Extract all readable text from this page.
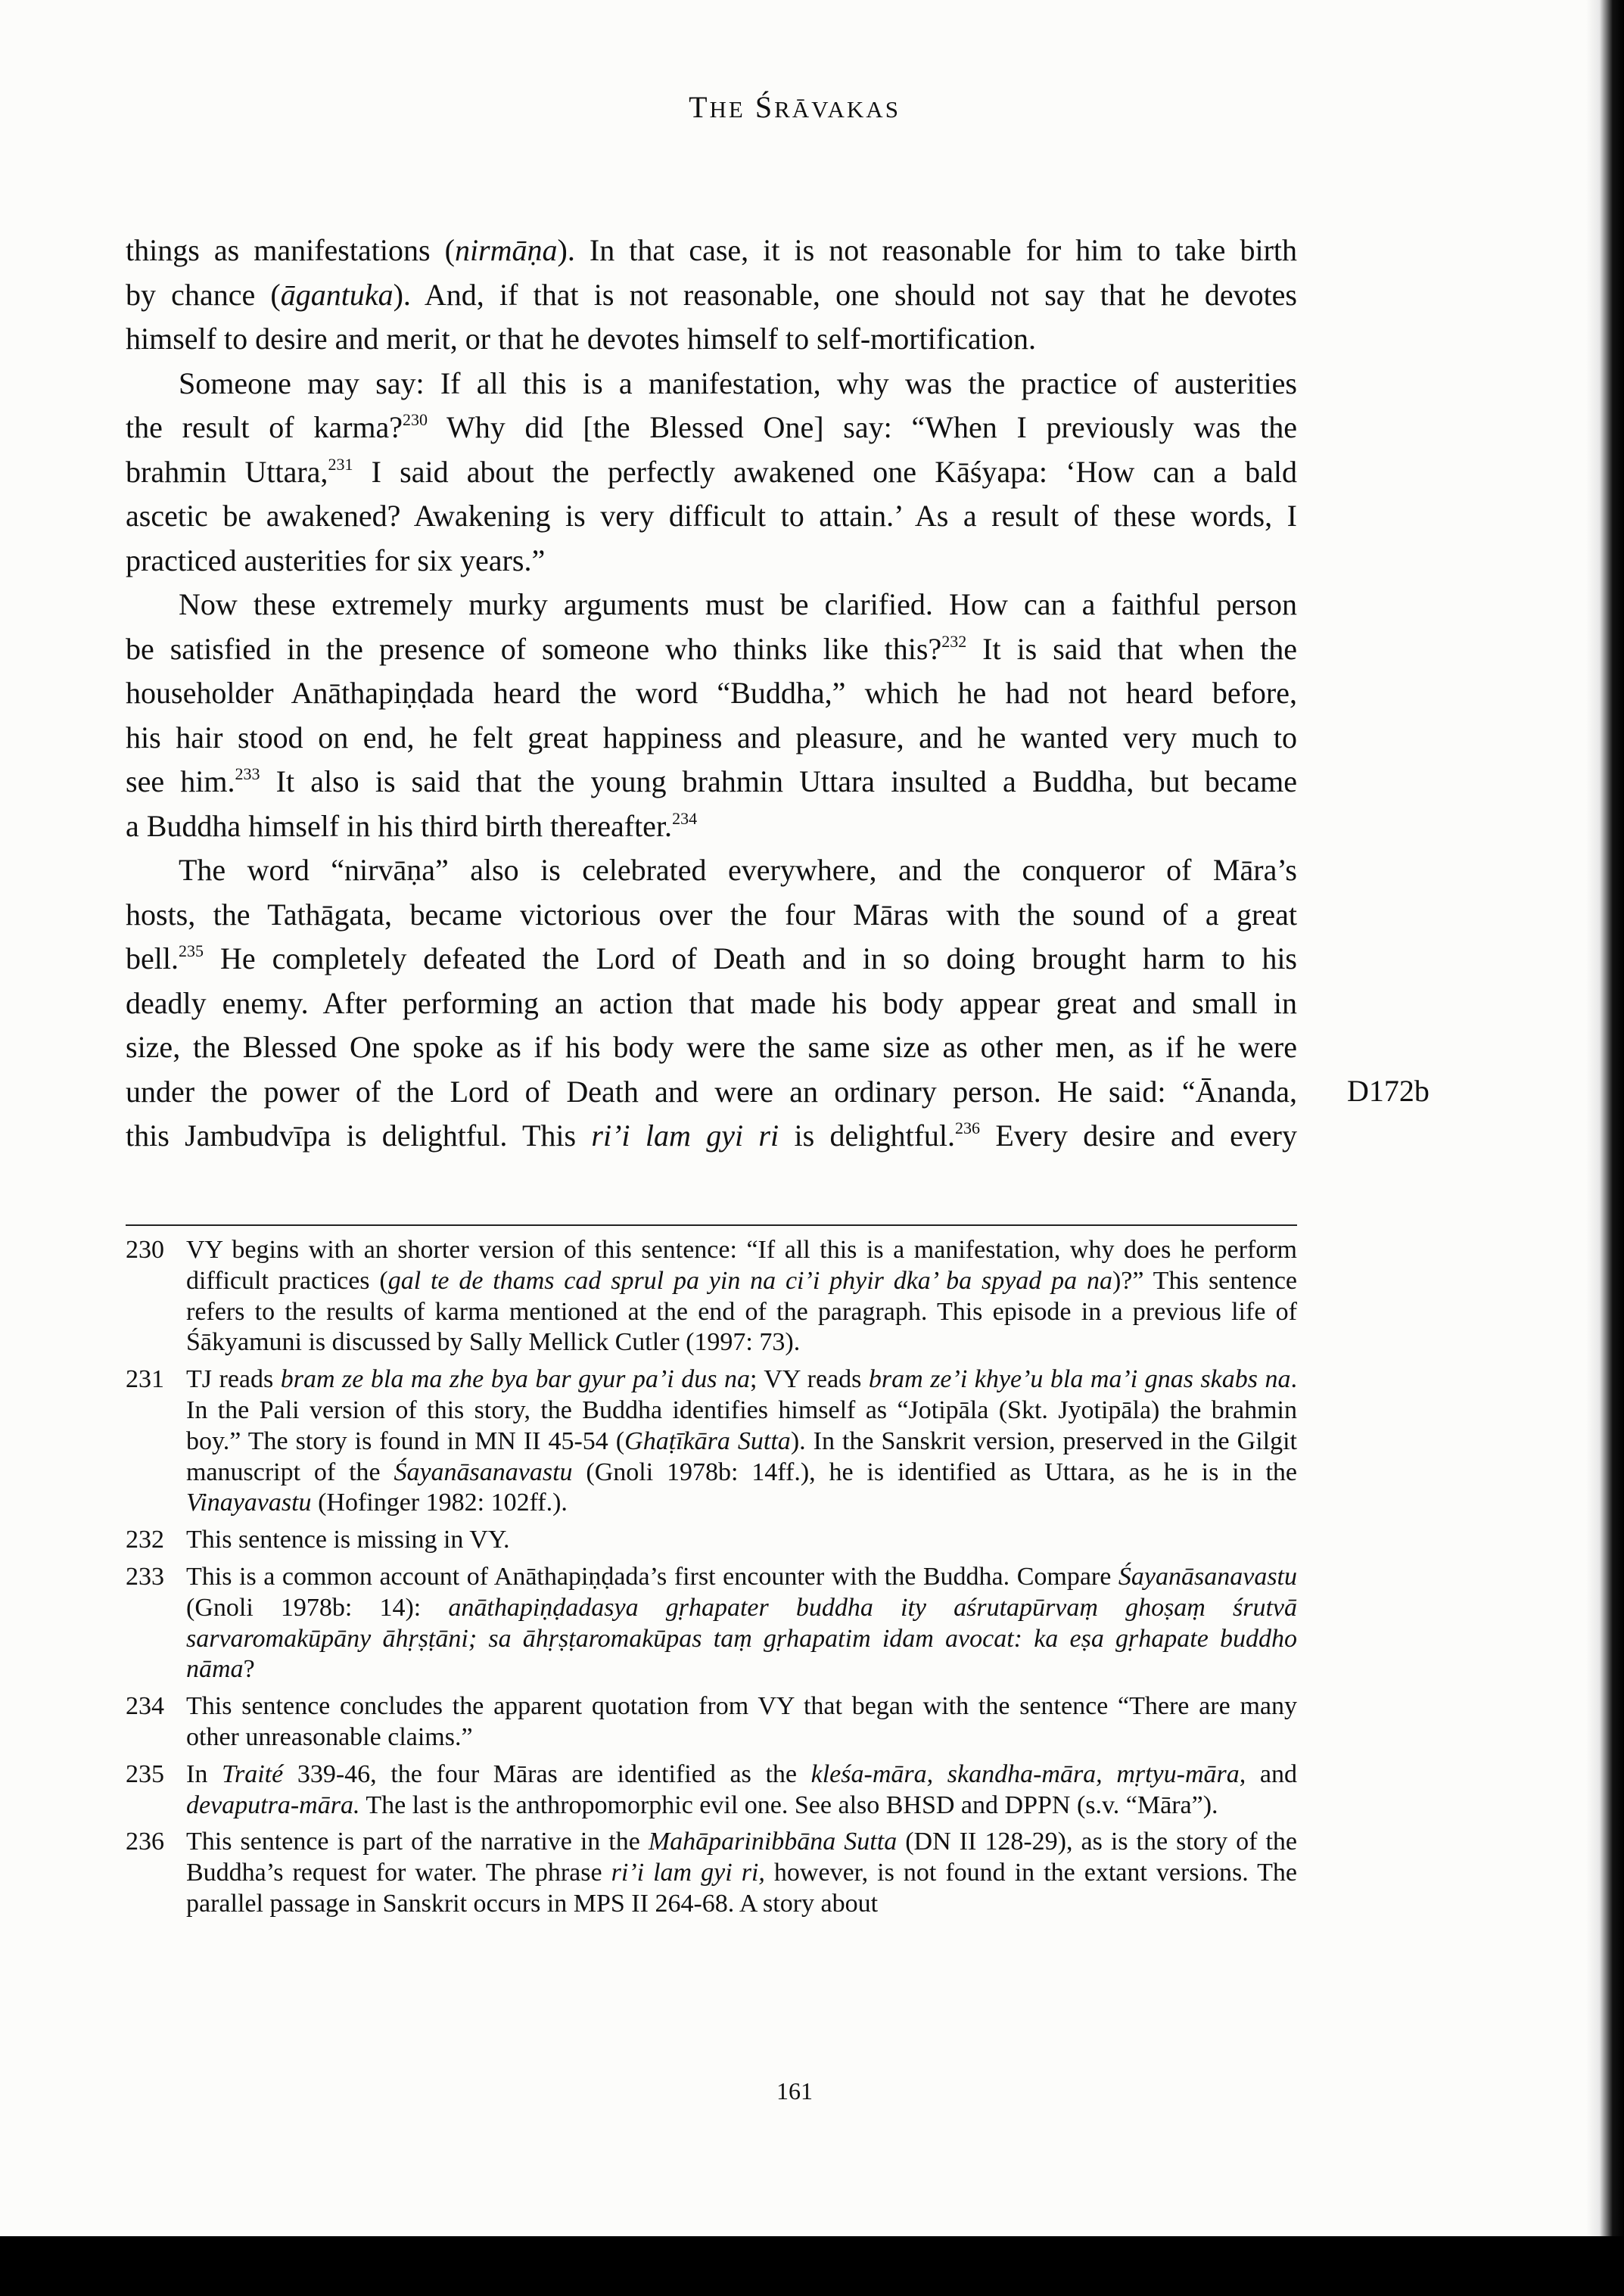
THE ŚRĀVAKAS

things as manifestations (nirmāṇa). In that case, it is not reasonable for him to take birth

by chance (āgantuka). And, if that is not reasonable, one should not say that he devotes

himself to desire and merit, or that he devotes himself to self-mortification.

Someone may say: If all this is a manifestation, why was the practice of austerities

the result of karma?$^{230}$ Why did [the Blessed One] say: “When I previously was the

brahmin Uttara,$^{231}$ I said about the perfectly awakened one Kāśyapa: ‘How can a bald

ascetic be awakened? Awakening is very difficult to attain.’ As a result of these words, I

practiced austerities for six years.”

Now these extremely murky arguments must be clarified. How can a faithful person

be satisfied in the presence of someone who thinks like this?$^{232}$ It is said that when the

householder Anāthapiṇḍada heard the word “Buddha,” which he had not heard before,

his hair stood on end, he felt great happiness and pleasure, and he wanted very much to

see him.$^{233}$ It also is said that the young brahmin Uttara insulted a Buddha, but became

a Buddha himself in his third birth thereafter.$^{234}$

The word “nirvāṇa” also is celebrated everywhere, and the conqueror of Māra’s

hosts, the Tathāgata, became victorious over the four Māras with the sound of a great

bell.$^{235}$ He completely defeated the Lord of Death and in so doing brought harm to his

deadly enemy. After performing an action that made his body appear great and small in

size, the Blessed One spoke as if his body were the same size as other men, as if he were

under the power of the Lord of Death and were an ordinary person. He said: “Ānanda,

this Jambudvīpa is delightful. This ri’i lam gyi ri is delightful.$^{236}$ Every desire and every

D172b
230 VY begins with an shorter version of this sentence: “If all this is a manifestation, why does he perform difficult practices (gal te de thams cad sprul pa yin na ci’i phyir dka’ ba spyad pa na)?” This sentence refers to the results of karma mentioned at the end of the paragraph. This episode in a previous life of Śākyamuni is discussed by Sally Mellick Cutler (1997: 73).
231 TJ reads bram ze bla ma zhe bya bar gyur pa’i dus na; VY reads bram ze’i khye’u bla ma’i gnas skabs na. In the Pali version of this story, the Buddha identifies himself as “Jotipāla (Skt. Jyotipāla) the brahmin boy.” The story is found in MN II 45-54 (Ghaṭīkāra Sutta). In the Sanskrit version, preserved in the Gilgit manuscript of the Śayanāsanavastu (Gnoli 1978b: 14ff.), he is identified as Uttara, as he is in the Vinayavastu (Hofinger 1982: 102ff.).
232 This sentence is missing in VY.
233 This is a common account of Anāthapiṇḍada’s first encounter with the Buddha. Compare Śayanāsanavastu (Gnoli 1978b: 14): anāthapiṇḍadasya gṛhapater buddha ity aśrutapūrvaṃ ghoṣaṃ śrutvā sarvaromakūpāny āhṛṣṭāni; sa āhṛṣṭaromakūpas taṃ gṛhapatim idam avocat: ka eṣa gṛhapate buddho nāma?
234 This sentence concludes the apparent quotation from VY that began with the sentence “There are many other unreasonable claims.”
235 In Traité 339-46, the four Māras are identified as the kleśa-māra, skandha-māra, mṛtyu-māra, and devaputra-māra. The last is the anthropomorphic evil one. See also BHSD and DPPN (s.v. “Māra”).
236 This sentence is part of the narrative in the Mahāparinibbāna Sutta (DN II 128-29), as is the story of the Buddha’s request for water. The phrase ri’i lam gyi ri, however, is not found in the extant versions. The parallel passage in Sanskrit occurs in MPS II 264-68. A story about
161
